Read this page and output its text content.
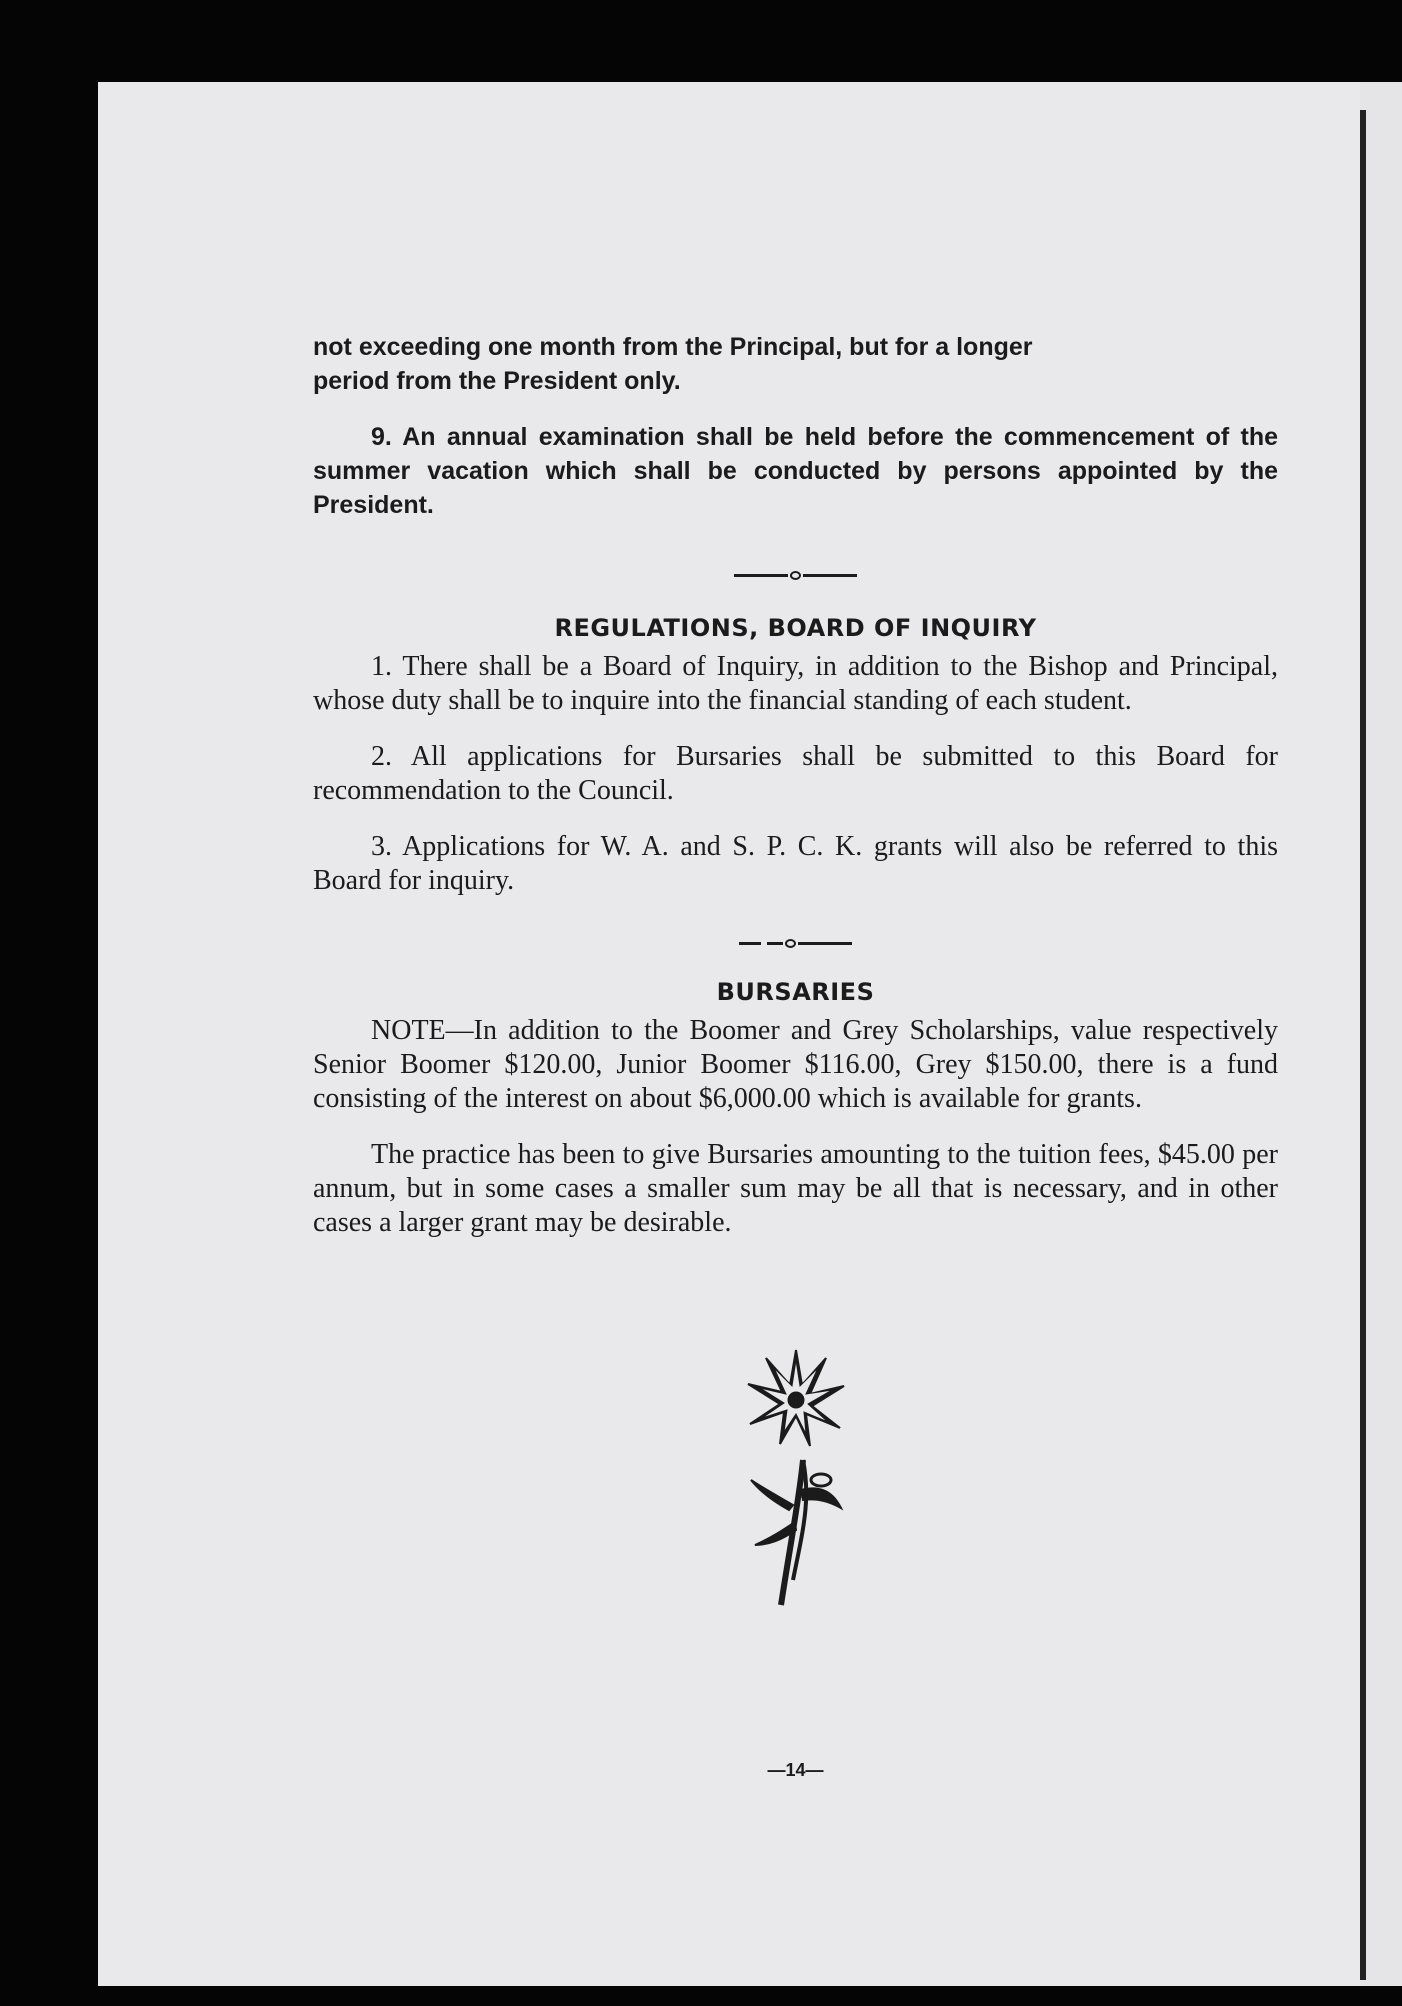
not exceeding one month from the Principal, but for a longer
period from the President only.

9. An annual examination shall be held before the commencement of the summer vacation which shall be conducted by persons appointed by the President.

REGULATIONS, BOARD OF INQUIRY

1. There shall be a Board of Inquiry, in addition to the Bishop and Principal, whose duty shall be to inquire into the financial standing of each student.

2. All applications for Bursaries shall be submitted to this Board for recommendation to the Council.

3. Applications for W. A. and S. P. C. K. grants will also be referred to this Board for inquiry.

BURSARIES

NOTE—In addition to the Boomer and Grey Scholarships, value respectively Senior Boomer $120.00, Junior Boomer $116.00, Grey $150.00, there is a fund consisting of the interest on about $6,000.00 which is available for grants.

The practice has been to give Bursaries amounting to the tuition fees, $45.00 per annum, but in some cases a smaller sum may be all that is necessary, and in other cases a larger grant may be desirable.

—14—
